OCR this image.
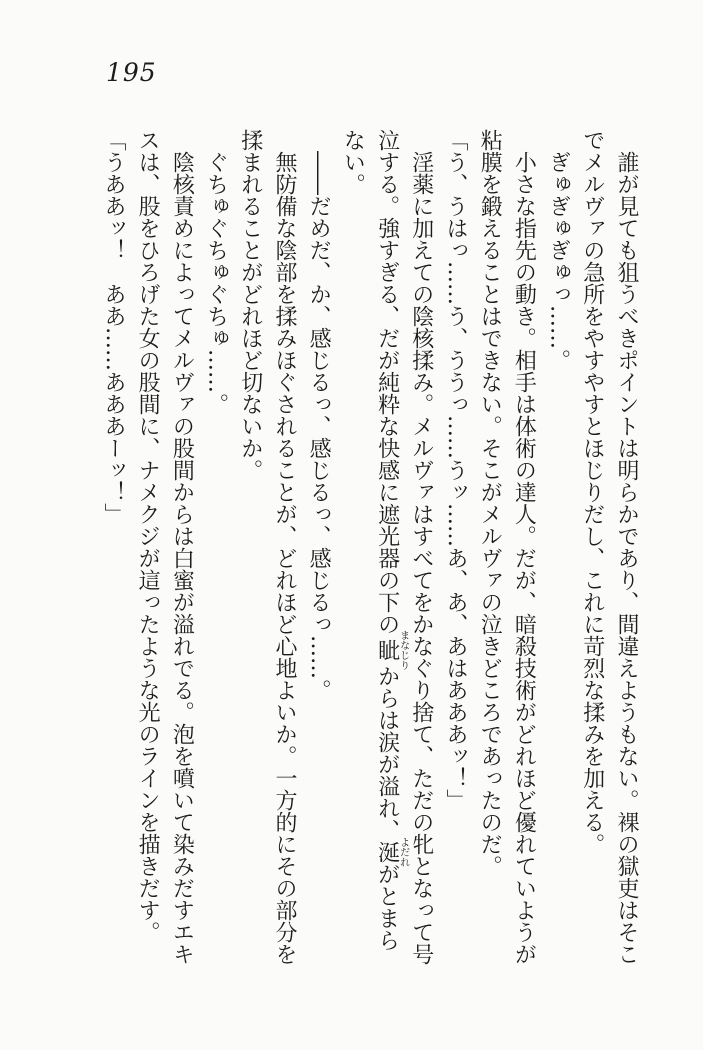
195

誰が見ても狙うべきポイントは明らかであり、間違えようもない。裸の獄吏はそこでメルヴァの急所をやすやすとほじりだし、これに苛烈な揉みを加える。

ぎゅぎゅぎゅっ……。

小さな指先の動き。相手は体術の達人。だが、暗殺技術がどれほど優れていようが粘膜を鍛えることはできない。そこがメルヴァの泣きどころであったのだ。

「う、うはっ……う、ううっ……うッ……あ、あ、あはあああッ！」

淫薬に加えての陰核揉み。メルヴァはすべてをかなぐり捨て、ただの牝となって号泣する。強すぎる、だが純粋な快感に遮光器の下の眦まなじりからは涙が溢れ、涎よだれがとまらない。

――だめだ、か、感じるっ、感じるっ、感じるっ……。

無防備な陰部を揉みほぐされることが、どれほど心地よいか。一方的にその部分を揉まれることがどれほど切ないか。

ぐちゅぐちゅぐちゅ……。

陰核責めによってメルヴァの股間からは白蜜が溢れでる。泡を噴いて染みだすエキスは、股をひろげた女の股間に、ナメクジが這ったような光のラインを描きだす。

「うああッ！　ああ……あああーッ！」
